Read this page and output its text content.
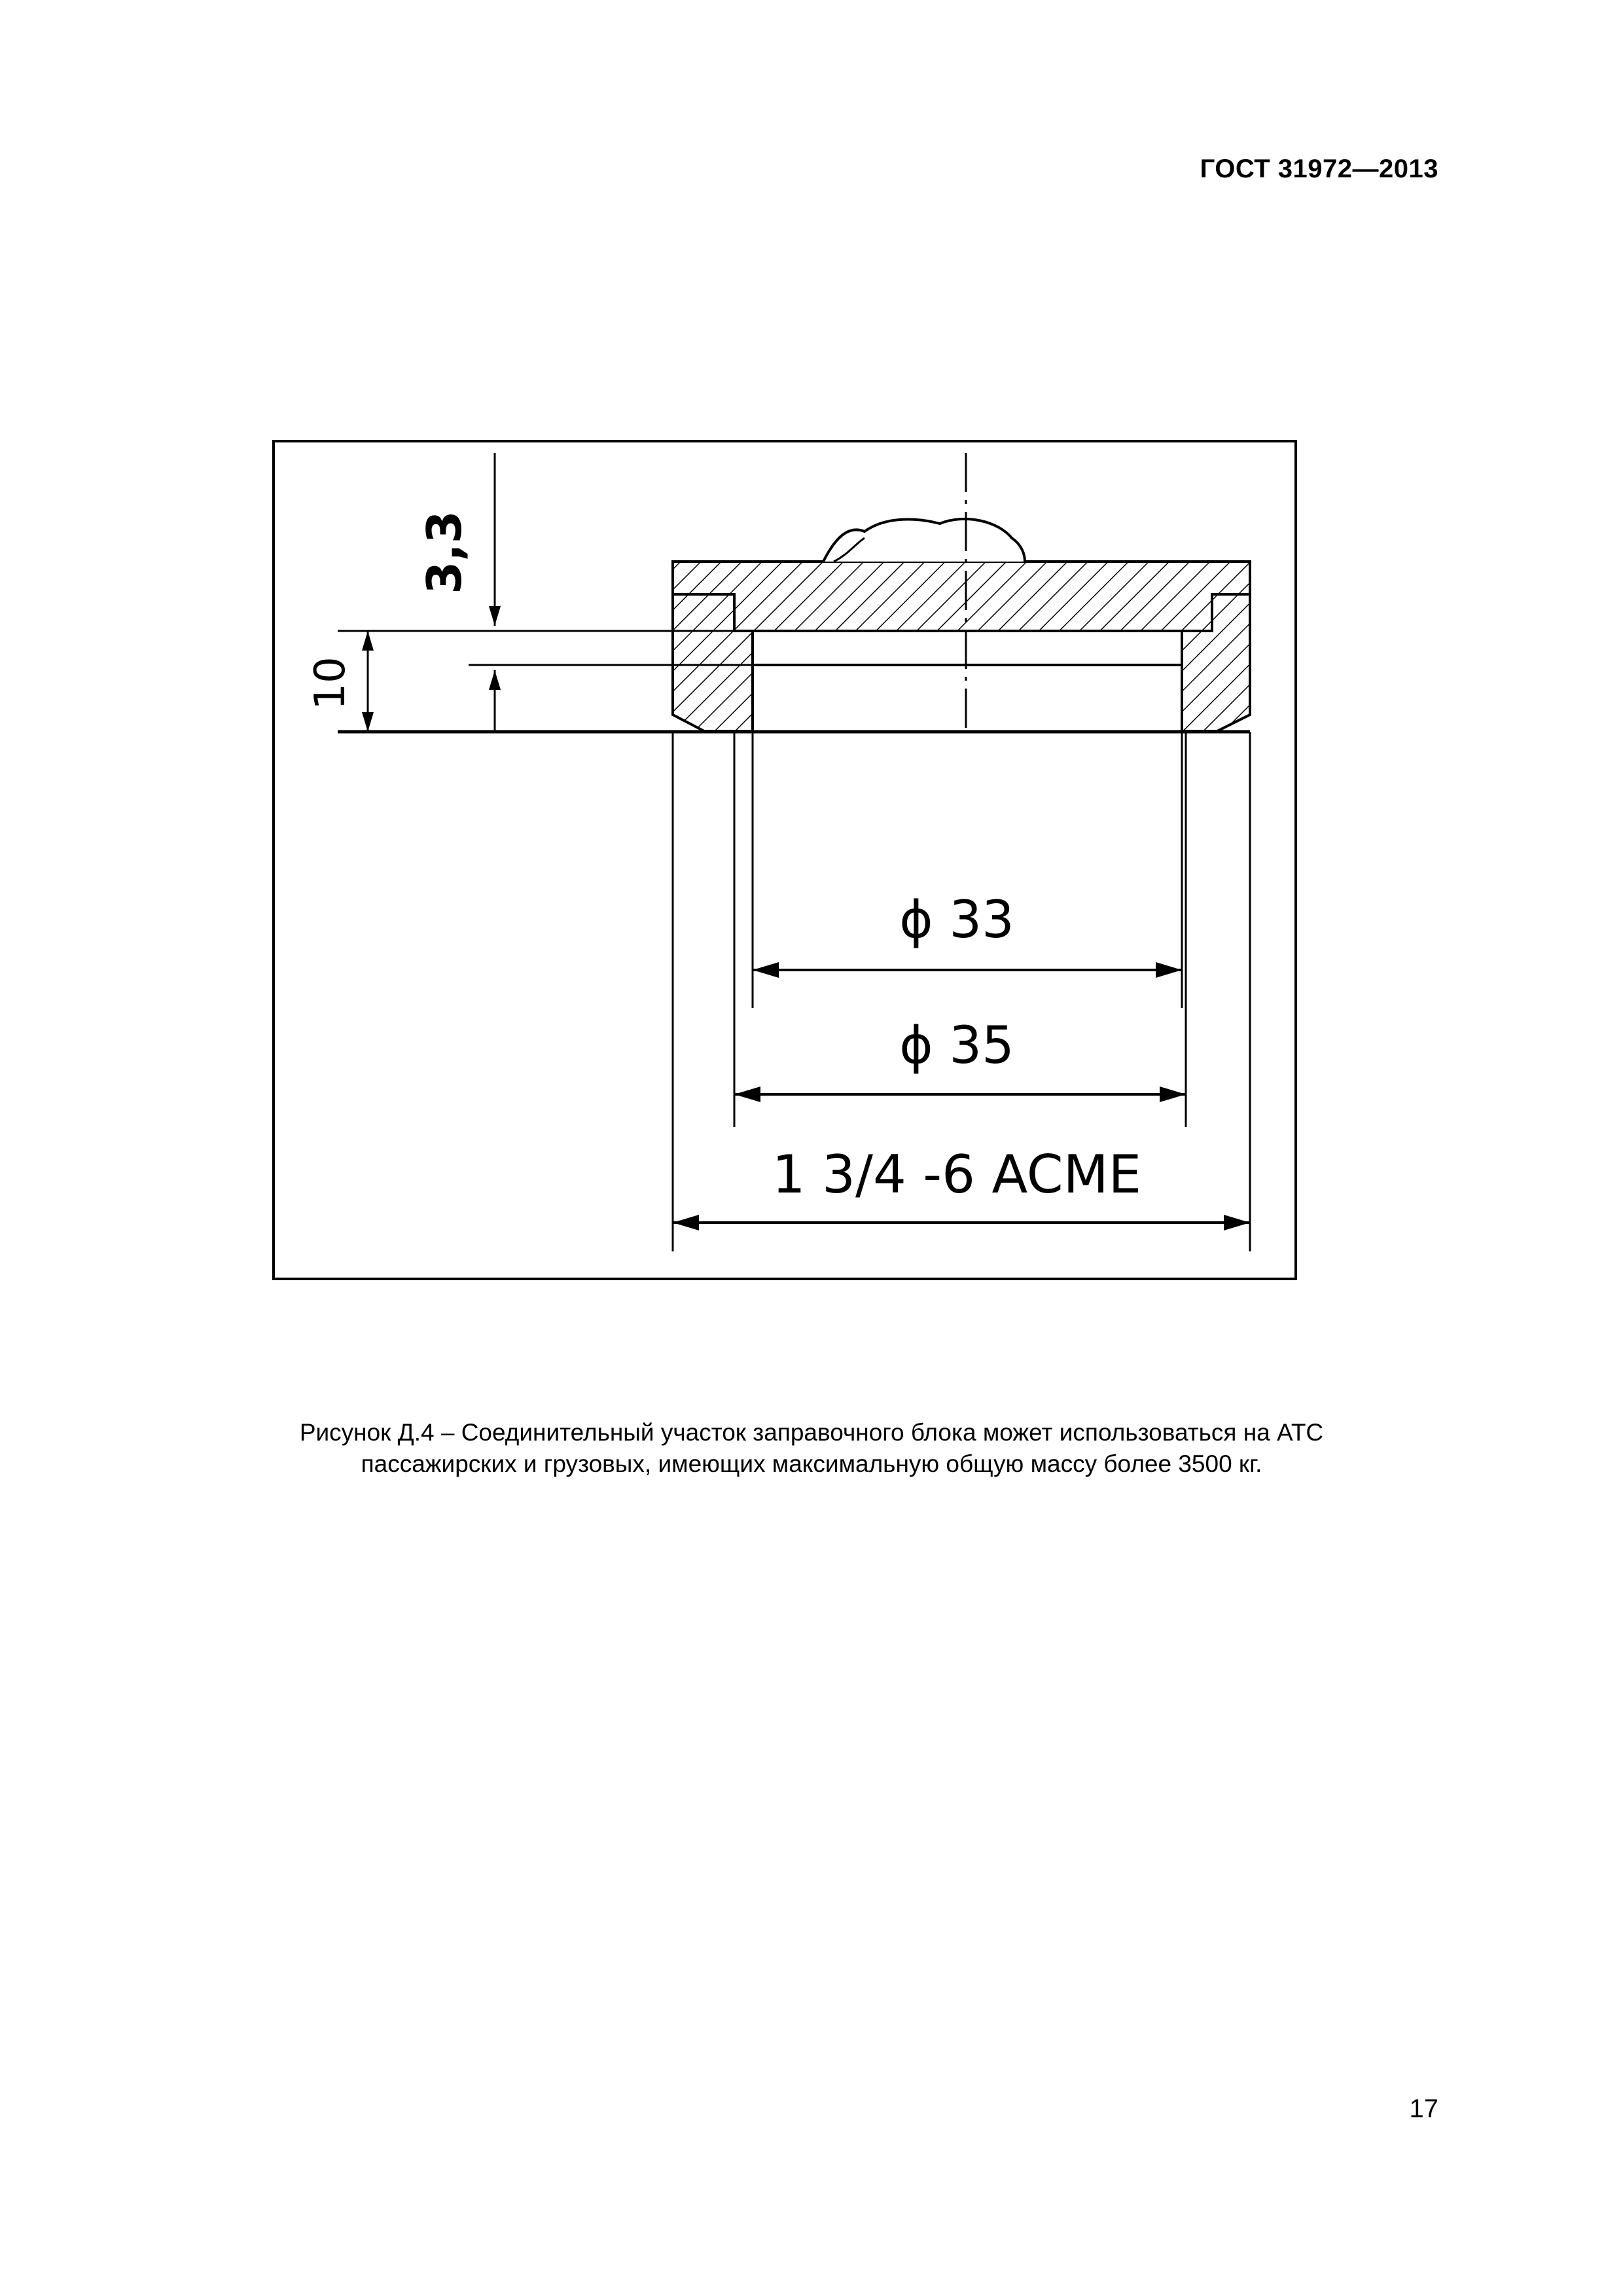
ГОСТ 31972—2013
3,3
10
ϕ 33
ϕ 35
1 3/4 -6 ACME
Рисунок Д.4 – Соединительный участок заправочного блока может использоваться на АТС
пассажирских и грузовых, имеющих максимальную общую массу более 3500 кг.
17
